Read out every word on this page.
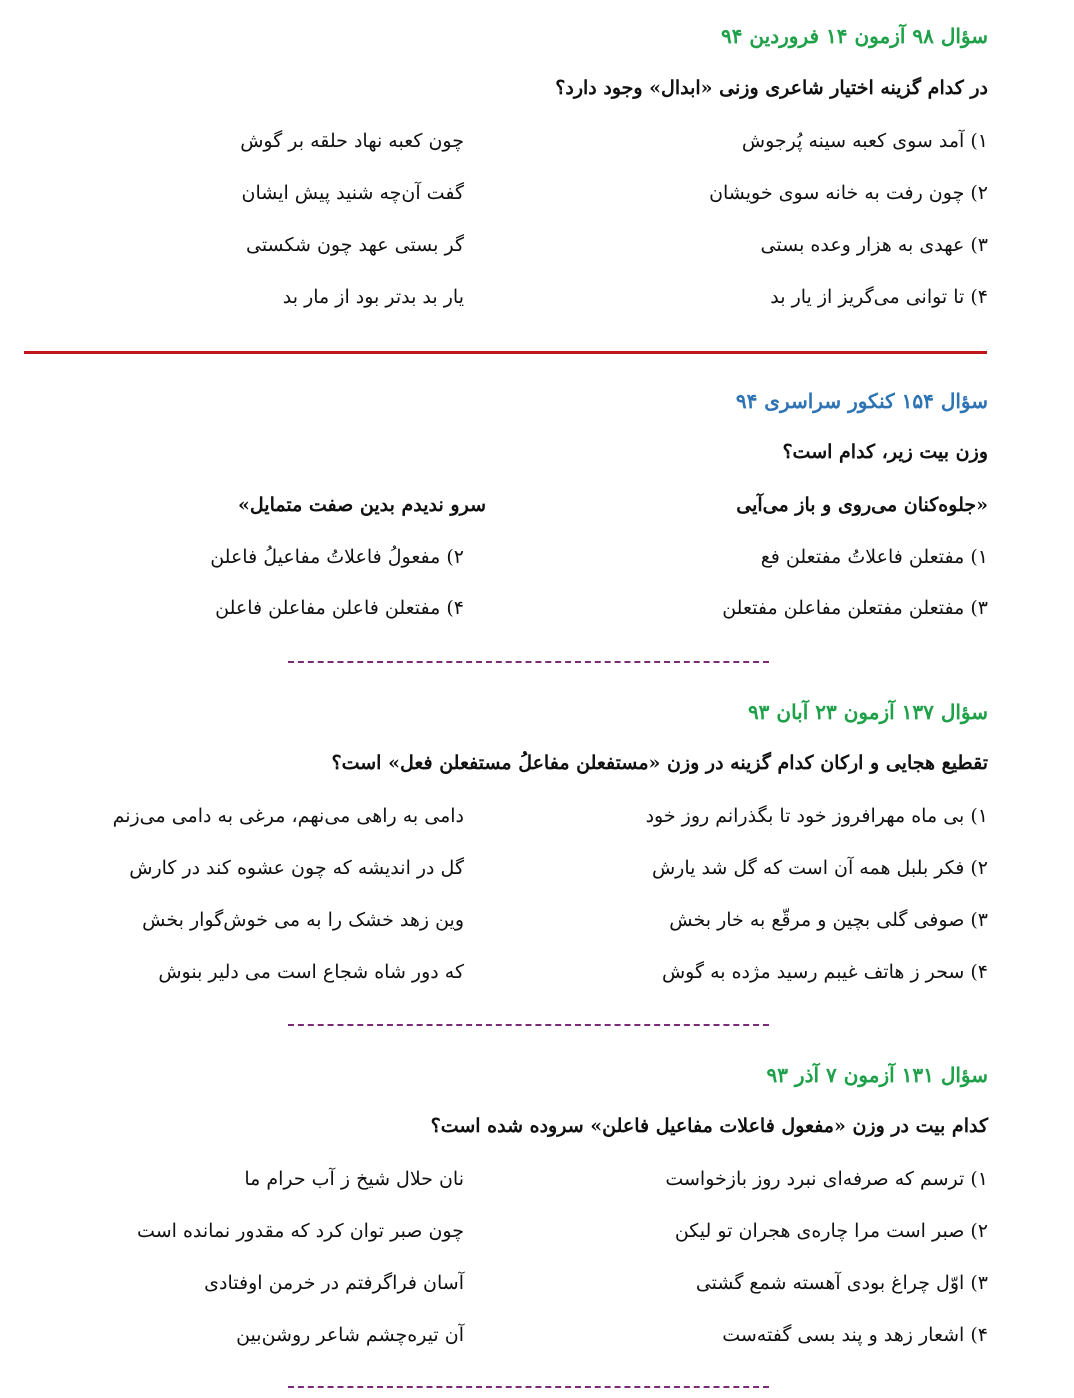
سؤال ۹۸ آزمون ۱۴ فروردین ۹۴
در کدام گزینه اختیار شاعری وزنی «ابدال» وجود دارد؟
۱) آمد سوی کعبه سینه پُرجوش
چون کعبه نهاد حلقه بر گوش
۲) چون رفت به خانه سوی خویشان
گفت آن‌چه شنید پیش ایشان
۳) عهدی به هزار وعده بستی
گر بستی عهد چون شکستی
۴) تا توانی می‌گریز از یار بد
یار بد بدتر بود از مار بد
سؤال ۱۵۴ کنکور سراسری ۹۴
وزن بیت زیر، کدام است؟
«جلوه‌کنان می‌روی و باز می‌آیی
سرو ندیدم بدین صفت متمایل»
۱) مفتعلن فاعلاتُ مفتعلن فع
۲) مفعولُ فاعلاتُ مفاعیلُ فاعلن
۳) مفتعلن مفتعلن مفاعلن مفتعلن
۴) مفتعلن فاعلن مفاعلن فاعلن
سؤال ۱۳۷ آزمون ۲۳ آبان ۹۳
تقطیع هجایی و ارکان کدام گزینه در وزن «مستفعلن مفاعلُ مستفعلن فعل» است؟
۱) بی ماه مهرافروز خود تا بگذرانم روز خود
دامی به راهی می‌نهم، مرغی به دامی می‌زنم
۲) فکر بلبل همه آن است که گل شد یارش
گل در اندیشه که چون عشوه کند در کارش
۳) صوفی گلی بچین و مرقّع به خار بخش
وین زهد خشک را به می خوش‌گوار بخش
۴) سحر ز هاتف غیبم رسید مژده به گوش
که دور شاه شجاع است می دلیر بنوش
سؤال ۱۳۱ آزمون ۷ آذر ۹۳
کدام بیت در وزن «مفعول فاعلات مفاعیل فاعلن» سروده شده است؟
۱) ترسم که صرفه‌ای نبرد روز بازخواست
نان حلال شیخ ز آب حرام ما
۲) صبر است مرا چاره‌ی هجران تو لیکن
چون صبر توان کرد که مقدور نمانده است
۳) اوّل چراغ بودی آهسته شمع گشتی
آسان فراگرفتم در خرمن اوفتادی
۴) اشعار زهد و پند بسی گفته‌ست
آن تیره‌چشم شاعر روشن‌بین
